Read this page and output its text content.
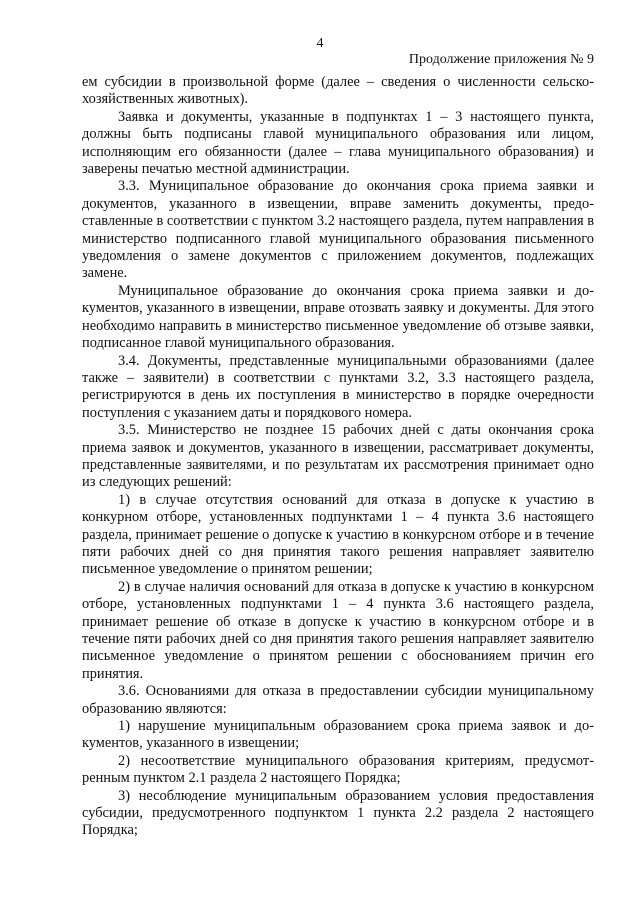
4
Продолжение приложения № 9

ем субсидии в произвольной форме (далее – сведения о численности сельскохозяйственных животных).

Заявка и документы, указанные в подпунктах 1 – 3 настоящего пункта, должны быть подписаны главой муниципального образования или лицом, исполняющим его обязанности (далее – глава муниципального образования) и заверены печатью местной администрации.

3.3. Муниципальное образование до окончания срока приема заявки и документов, указанного в извещении, вправе заменить документы, предоставленные в соответствии с пунктом 3.2 настоящего раздела, путем направления в министерство подписанного главой муниципального образования письменного уведомления о замене документов с приложением документов, подлежащих замене.

Муниципальное образование до окончания срока приема заявки и документов, указанного в извещении, вправе отозвать заявку и документы. Для этого необходимо направить в министерство письменное уведомление об отзыве заявки, подписанное главой муниципального образования.

3.4. Документы, представленные муниципальными образованиями (далее также – заявители) в соответствии с пунктами 3.2, 3.3 настоящего раздела, регистрируются в день их поступления в министерство в порядке очередности поступления с указанием даты и порядкового номера.

3.5. Министерство не позднее 15 рабочих дней с даты окончания срока приема заявок и документов, указанного в извещении, рассматривает документы, представленные заявителями, и по результатам их рассмотрения принимает одно из следующих решений:

1) в случае отсутствия оснований для отказа в допуске к участию в конкурном отборе, установленных подпунктами 1 – 4 пункта 3.6 настоящего раздела, принимает решение о допуске к участию в конкурсном отборе и в течение пяти рабочих дней со дня принятия такого решения направляет заявителю письменное уведомление о принятом решении;

2) в случае наличия оснований для отказа в допуске к участию в конкурсном отборе, установленных подпунктами 1 – 4 пункта 3.6 настоящего раздела, принимает решение об отказе в допуске к участию в конкурсном отборе и в течение пяти рабочих дней со дня принятия такого решения направляет заявителю письменное уведомление о принятом решении с обоснованияем причин его принятия.

3.6. Основаниями для отказа в предоставлении субсидии муниципальному образованию являются:

1) нарушение муниципальным образованием срока приема заявок и документов, указанного в извещении;

2) несоответствие муниципального образования критериям, предусмотренным пунктом 2.1 раздела 2 настоящего Порядка;

3) несоблюдение муниципальным образованием условия предоставления субсидии, предусмотренного подпунктом 1 пункта 2.2 раздела 2 настоящего Порядка;
